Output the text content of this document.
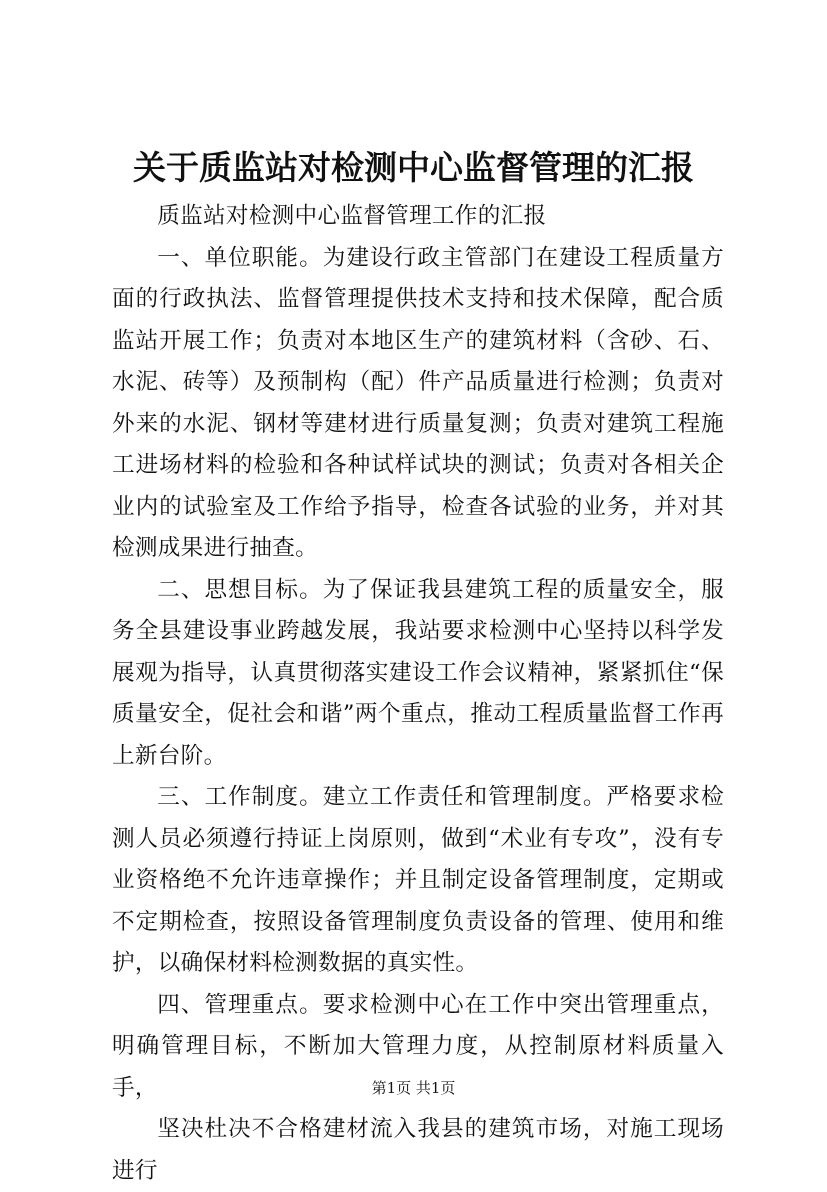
关于质监站对检测中心监督管理的汇报

质监站对检测中心监督管理工作的汇报

一、单位职能。为建设行政主管部门在建设工程质量方面的行政执法、监督管理提供技术支持和技术保障，配合质监站开展工作；负责对本地区生产的建筑材料（含砂、石、水泥、砖等）及预制构（配）件产品质量进行检测；负责对外来的水泥、钢材等建材进行质量复测；负责对建筑工程施工进场材料的检验和各种试样试块的测试；负责对各相关企业内的试验室及工作给予指导，检查各试验的业务，并对其检测成果进行抽查。

二、思想目标。为了保证我县建筑工程的质量安全，服务全县建设事业跨越发展，我站要求检测中心坚持以科学发展观为指导，认真贯彻落实建设工作会议精神，紧紧抓住“保质量安全，促社会和谐”两个重点，推动工程质量监督工作再上新台阶。

三、工作制度。建立工作责任和管理制度。严格要求检测人员必须遵行持证上岗原则，做到“术业有专攻”，没有专业资格绝不允许违章操作；并且制定设备管理制度，定期或不定期检查，按照设备管理制度负责设备的管理、使用和维护，以确保材料检测数据的真实性。

四、管理重点。要求检测中心在工作中突出管理重点，明确管理目标，不断加大管理力度，从控制原材料质量入手，

坚决杜决不合格建材流入我县的建筑市场，对施工现场进行

第1页 共1页
